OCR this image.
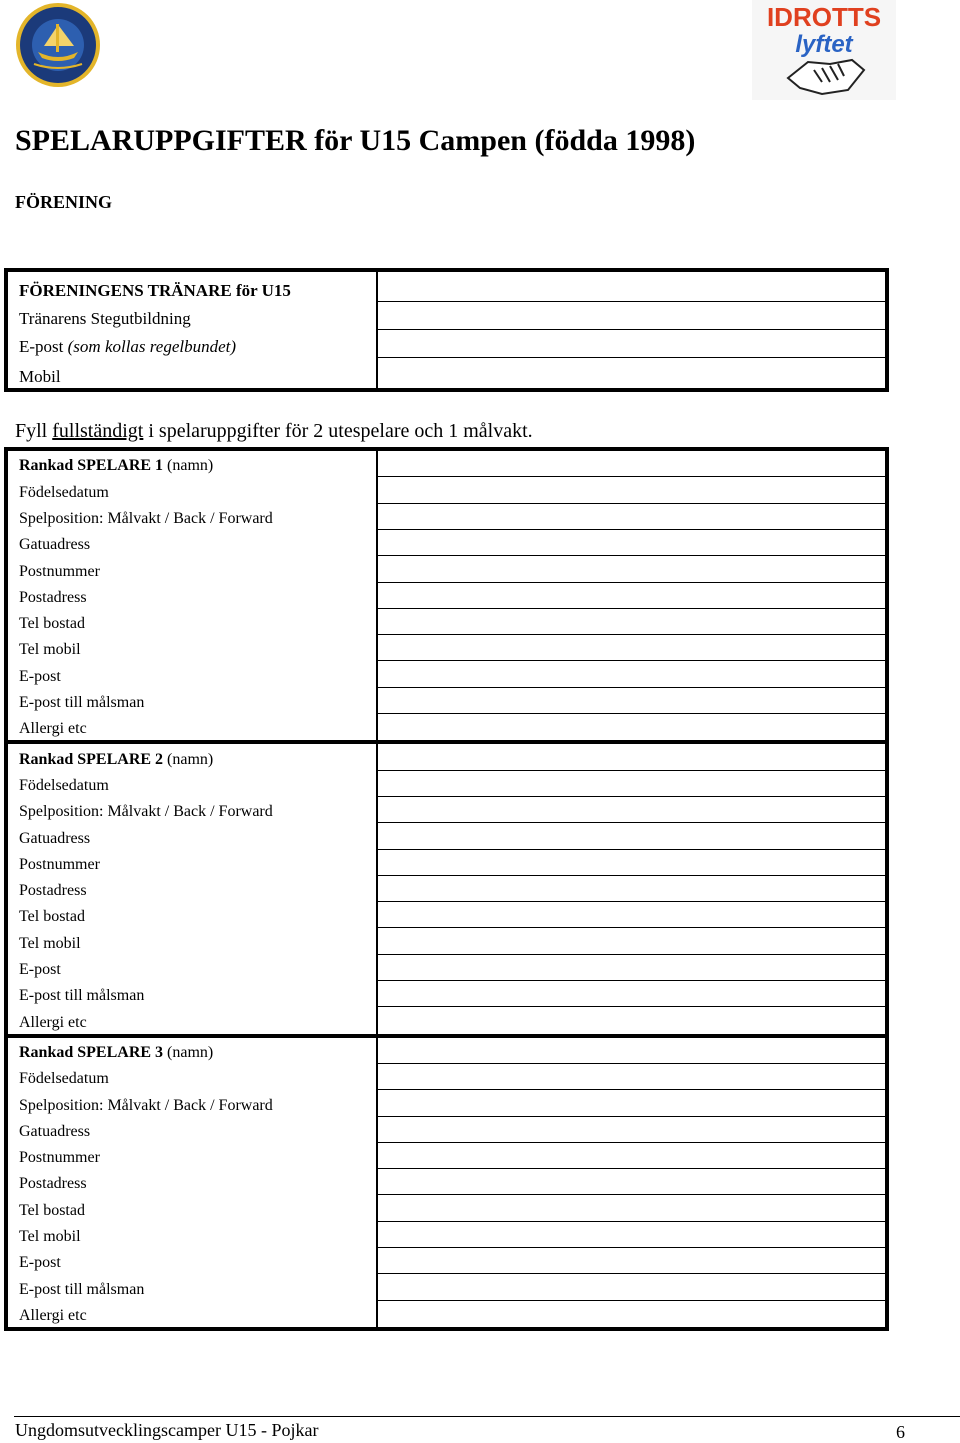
IDROTTS
lyftet
SPELARUPPGIFTER för U15 Campen (födda 1998)
FÖRENING
FÖRENINGENS TRÄNARE för U15
Tränarens Stegutbildning
E-post (som kollas regelbundet)
Mobil
Fyll fullständigt i spelaruppgifter för 2 utespelare och 1 målvakt.
Rankad SPELARE 1 (namn)
Födelsedatum
Spelposition: Målvakt / Back / Forward
Gatuadress
Postnummer
Postadress
Tel bostad
Tel mobil
E-post
E-post till målsman
Allergi etc
Rankad SPELARE 2 (namn)
Födelsedatum
Spelposition: Målvakt / Back / Forward
Gatuadress
Postnummer
Postadress
Tel bostad
Tel mobil
E-post
E-post till målsman
Allergi etc
Rankad SPELARE 3 (namn)
Födelsedatum
Spelposition: Målvakt / Back / Forward
Gatuadress
Postnummer
Postadress
Tel bostad
Tel mobil
E-post
E-post till målsman
Allergi etc
Ungdomsutvecklingscamper U15 - Pojkar	6
